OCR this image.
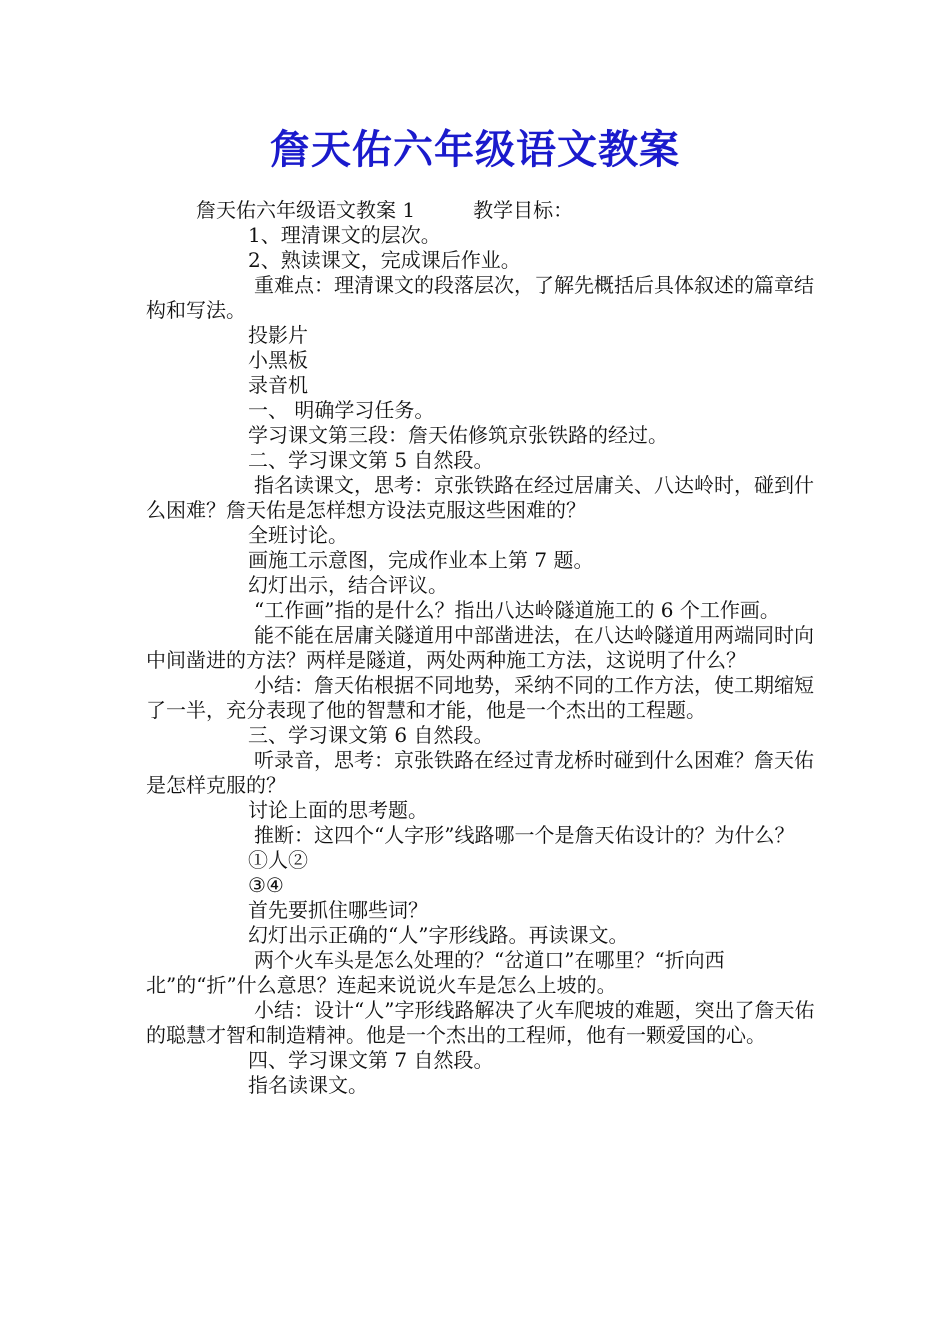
詹天佑六年级语文教案
詹天佑六年级语文教案 1	教学目标：
1、理清课文的层次。
2、熟读课文，完成课后作业。
重难点：理清课文的段落层次，了解先概括后具体叙述的篇章结构和写法。
投影片
小黑板
录音机
一、 明确学习任务。
学习课文第三段：詹天佑修筑京张铁路的经过。
二、学习课文第 5 自然段。
指名读课文，思考：京张铁路在经过居庸关、八达岭时，碰到什么困难？詹天佑是怎样想方设法克服这些困难的？
全班讨论。
画施工示意图，完成作业本上第 7 题。
幻灯出示，结合评议。
“工作画”指的是什么？指出八达岭隧道施工的 6 个工作画。
能不能在居庸关隧道用中部凿进法，在八达岭隧道用两端同时向中间凿进的方法？两样是隧道，两处两种施工方法，这说明了什么？
小结：詹天佑根据不同地势，采纳不同的工作方法，使工期缩短了一半，充分表现了他的智慧和才能，他是一个杰出的工程题。
三、学习课文第 6 自然段。
听录音，思考：京张铁路在经过青龙桥时碰到什么困难？詹天佑是怎样克服的？
讨论上面的思考题。
推断：这四个“人字形”线路哪一个是詹天佑设计的？为什么？
①人②
③④
首先要抓住哪些词？
幻灯出示正确的“人”字形线路。再读课文。
两个火车头是怎么处理的？“岔道口”在哪里？“折向西北”的“折”什么意思？连起来说说火车是怎么上坡的。
小结：设计“人”字形线路解决了火车爬坡的难题，突出了詹天佑的聪慧才智和制造精神。他是一个杰出的工程师，他有一颗爱国的心。
四、学习课文第 7 自然段。
指名读课文。
